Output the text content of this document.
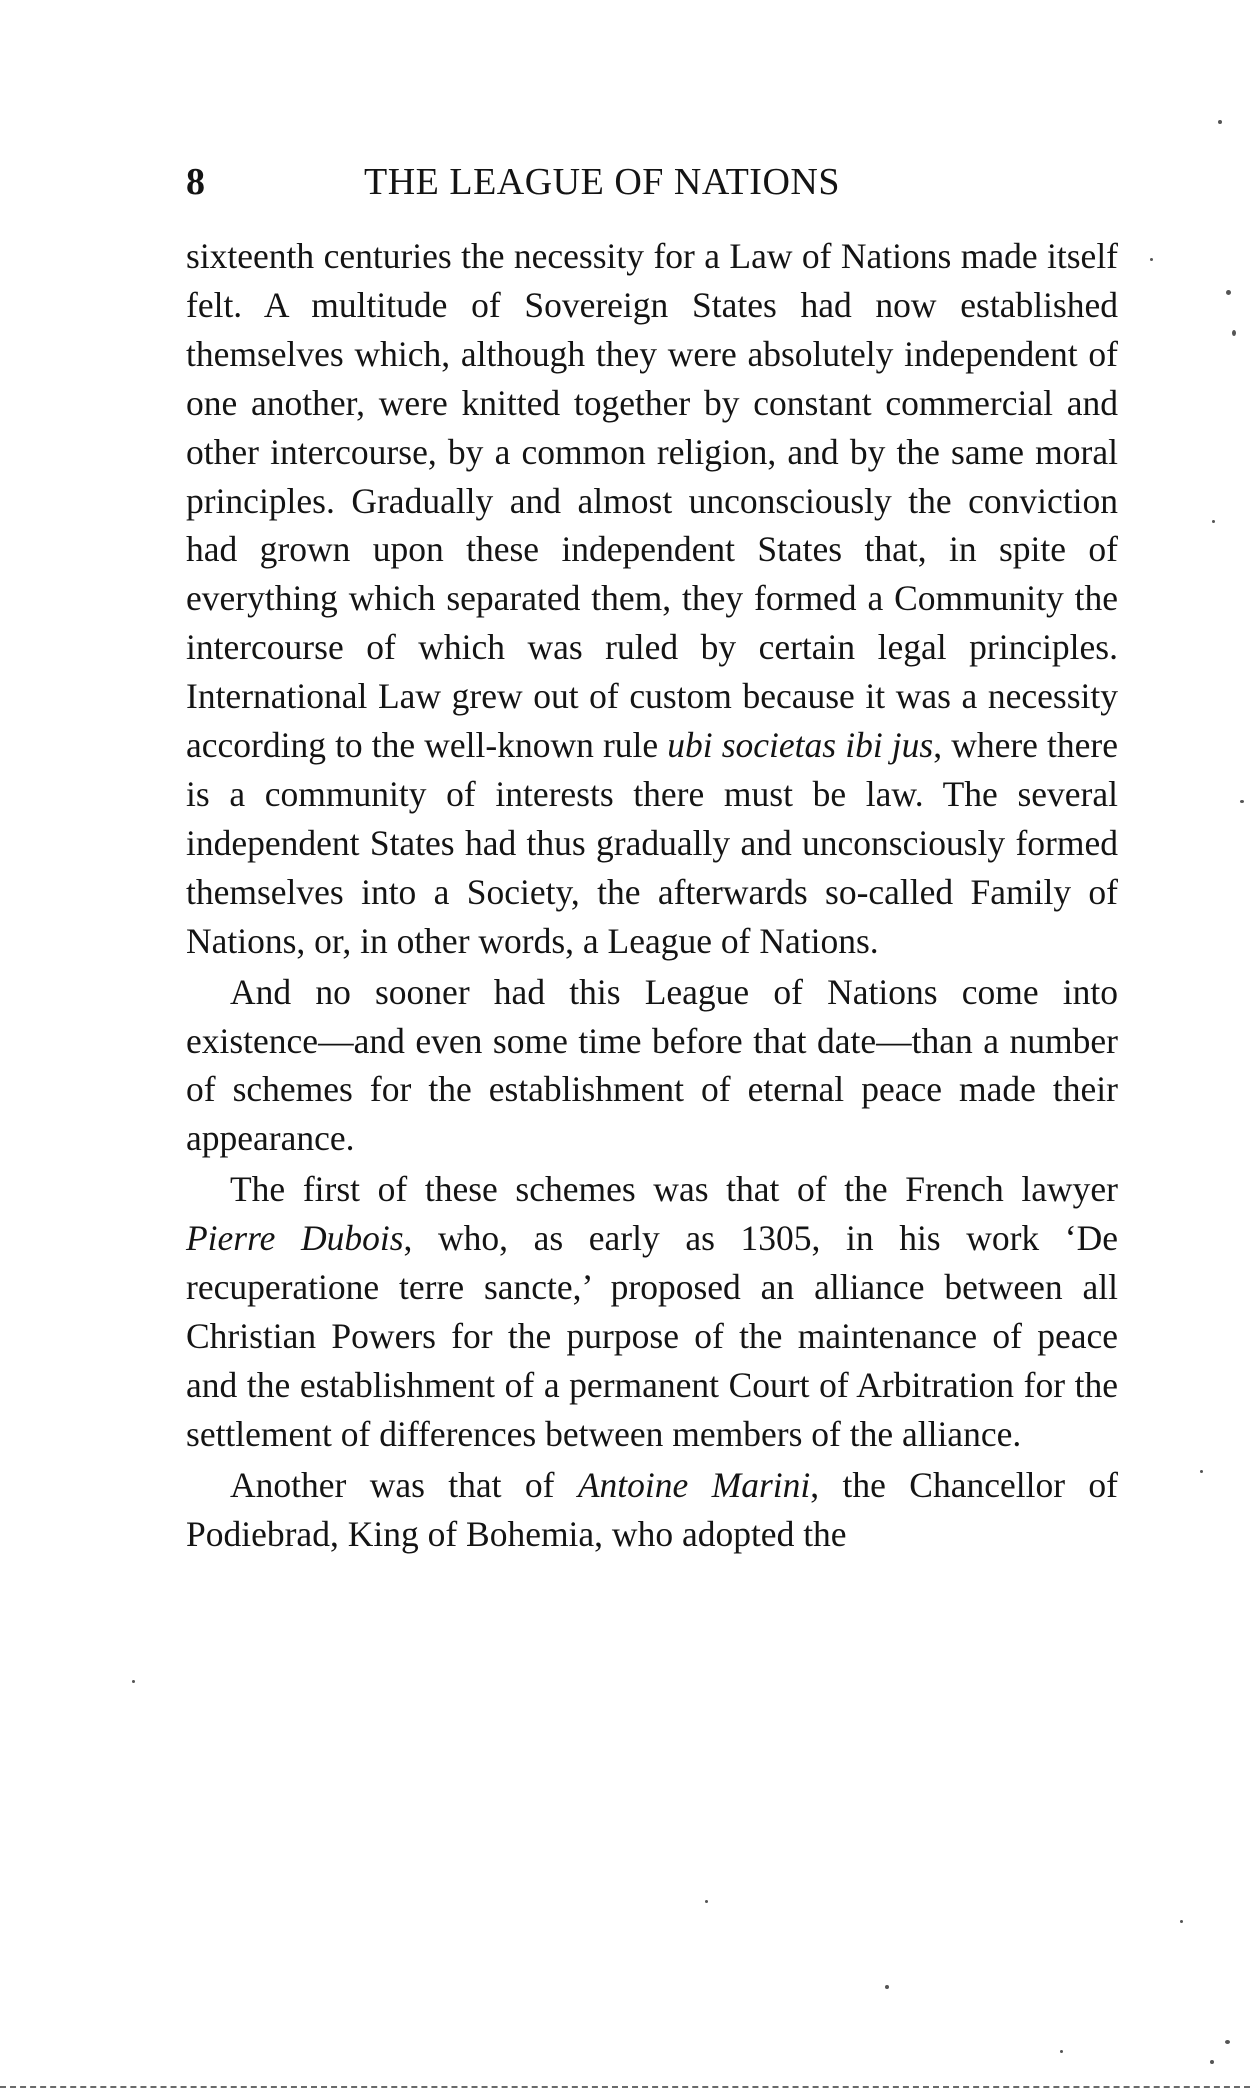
8	THE LEAGUE OF NATIONS

sixteenth centuries the necessity for a Law of Nations made itself felt. A multitude of Sovereign States had now established themselves which, although they were absolutely independent of one another, were knitted together by constant commercial and other intercourse, by a common religion, and by the same moral principles. Gradually and almost unconsciously the conviction had grown upon these independent States that, in spite of everything which separated them, they formed a Community the intercourse of which was ruled by certain legal principles. International Law grew out of custom because it was a necessity according to the well-known rule ubi societas ibi jus, where there is a community of interests there must be law. The several independent States had thus gradually and unconsciously formed themselves into a Society, the afterwards so-called Family of Nations, or, in other words, a League of Nations.

And no sooner had this League of Nations come into existence—and even some time before that date—than a number of schemes for the establishment of eternal peace made their appearance.

The first of these schemes was that of the French lawyer Pierre Dubois, who, as early as 1305, in his work ‘De recuperatione terre sancte,’ proposed an alliance between all Christian Powers for the purpose of the maintenance of peace and the establishment of a permanent Court of Arbitration for the settlement of differences between members of the alliance.

Another was that of Antoine Marini, the Chancellor of Podiebrad, King of Bohemia, who adopted the
